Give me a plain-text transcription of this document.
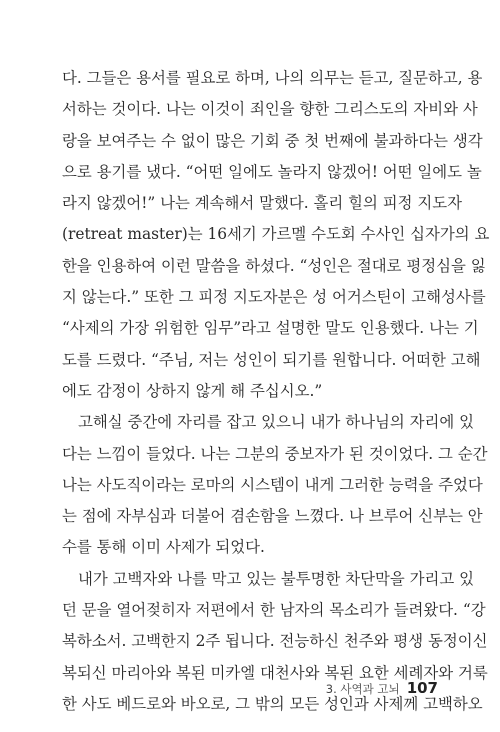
다. 그들은 용서를 필요로 하며, 나의 의무는 듣고, 질문하고, 용
서하는 것이다. 나는 이것이 죄인을 향한 그리스도의 자비와 사
랑을 보여주는 수 없이 많은 기회 중 첫 번째에 불과하다는 생각
으로 용기를 냈다. “어떤 일에도 놀라지 않겠어! 어떤 일에도 놀
라지 않겠어!” 나는 계속해서 말했다. 홀리 힐의 피정 지도자
(retreat master)는 16세기 가르멜 수도회 수사인 십자가의 요
한을 인용하여 이런 말씀을 하셨다. “성인은 절대로 평정심을 잃
지 않는다.” 또한 그 피정 지도자분은 성 어거스틴이 고해성사를
“사제의 가장 위험한 임무”라고 설명한 말도 인용했다. 나는 기
도를 드렸다. “주님, 저는 성인이 되기를 원합니다. 어떠한 고해
에도 감정이 상하지 않게 해 주십시오.”
고해실 중간에 자리를 잡고 있으니 내가 하나님의 자리에 있
다는 느낌이 들었다. 나는 그분의 중보자가 된 것이었다. 그 순간
나는 사도직이라는 로마의 시스템이 내게 그러한 능력을 주었다
는 점에 자부심과 더불어 겸손함을 느꼈다. 나 브루어 신부는 안
수를 통해 이미 사제가 되었다.
내가 고백자와 나를 막고 있는 불투명한 차단막을 가리고 있
던 문을 열어젖히자 저편에서 한 남자의 목소리가 들려왔다. “강
복하소서. 고백한지 2주 됩니다. 전능하신 천주와 평생 동정이신
복되신 마리아와 복된 미카엘 대천사와 복된 요한 세례자와 거룩
한 사도 베드로와 바오로, 그 밖의 모든 성인과 사제께 고백하오
3. 사역과 고뇌 107
